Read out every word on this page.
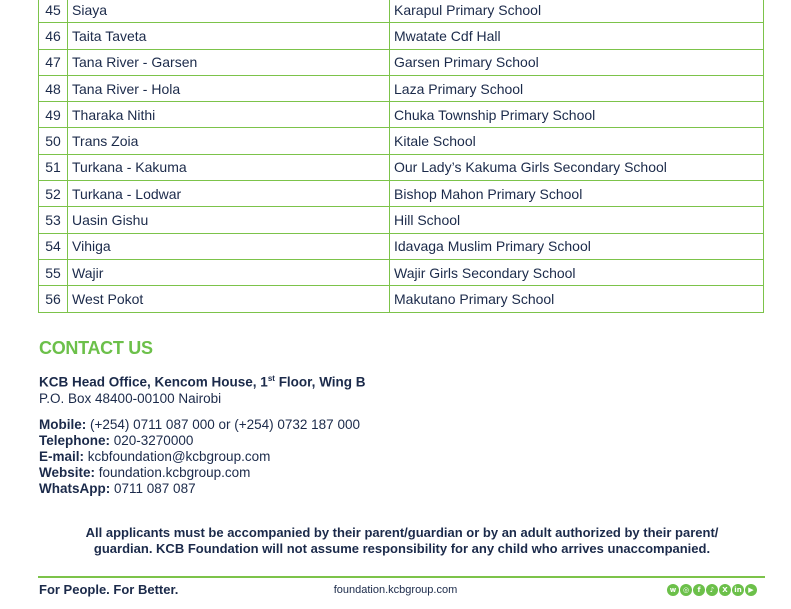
45	Siaya	Karapul Primary School
46	Taita Taveta	Mwatate Cdf Hall
47	Tana River - Garsen	Garsen Primary School
48	Tana River - Hola	Laza Primary School
49	Tharaka Nithi	Chuka Township Primary School
50	Trans Zoia	Kitale School
51	Turkana - Kakuma	Our Lady’s Kakuma Girls Secondary School
52	Turkana - Lodwar	Bishop Mahon Primary School
53	Uasin Gishu	Hill School
54	Vihiga	Idavaga Muslim Primary School
55	Wajir	Wajir Girls Secondary School
56	West Pokot	Makutano Primary School
CONTACT US
KCB Head Office, Kencom House, 1st Floor, Wing B
P.O. Box 48400-00100 Nairobi
Mobile: (+254) 0711 087 000 or (+254) 0732 187 000
Telephone: 020-3270000
E-mail: kcbfoundation@kcbgroup.com
Website: foundation.kcbgroup.com
WhatsApp: 0711 087 087
All applicants must be accompanied by their parent/guardian or by an adult authorized by their parent/
guardian. KCB Foundation will not assume responsibility for any child who arrives unaccompanied.
For People. For Better.	foundation.kcbgroup.com	w ◎	f	♪	X in ▶
